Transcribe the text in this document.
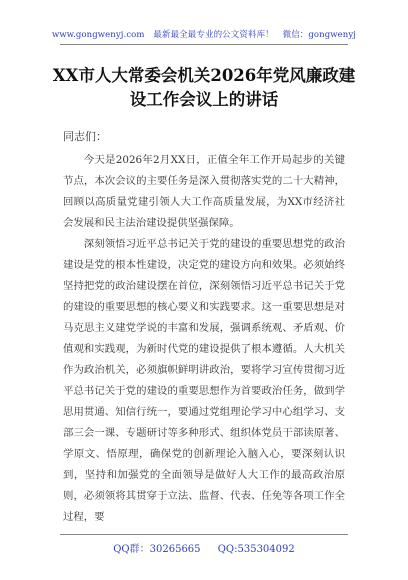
www.gongwenyj.com 最新最全最专业的公文资料库！ 微信：gongwenyj
XX市人大常委会机关2026年党风廉政建
设工作会议上的讲话
同志们：

今天是2026年2月XX日，正值全年工作开局起步的关键节点，本次会议的主要任务是深入贯彻落实党的二十大精神，回顾以高质量党建引领人大工作高质量发展，为XX市经济社会发展和民主法治建设提供坚强保障。

深刻领悟习近平总书记关于党的建设的重要思想党的政治建设是党的根本性建设，决定党的建设方向和效果。必须始终坚持把党的政治建设摆在首位，深刻领悟习近平总书记关于党的建设的重要思想的核心要义和实践要求。这一重要思想是对马克思主义建党学说的丰富和发展，强调系统观、矛盾观、价值观和实践观，为新时代党的建设提供了根本遵循。人大机关作为政治机关，必须旗帜鲜明讲政治，要将学习宣传贯彻习近平总书记关于党的建设的重要思想作为首要政治任务，做到学思用贯通、知信行统一，要通过党组理论学习中心组学习、支部三会一课、专题研讨等多种形式、组织体党员干部读原著、学原文、悟原理，确保党的创新理论入脑入心，要深刻认识到，坚持和加强党的全面领导是做好人大工作的最高政治原则，必须领将其贯穿于立法、监督、代表、任免等各项工作全过程，要

QQ群：30265665 QQ:535304092
